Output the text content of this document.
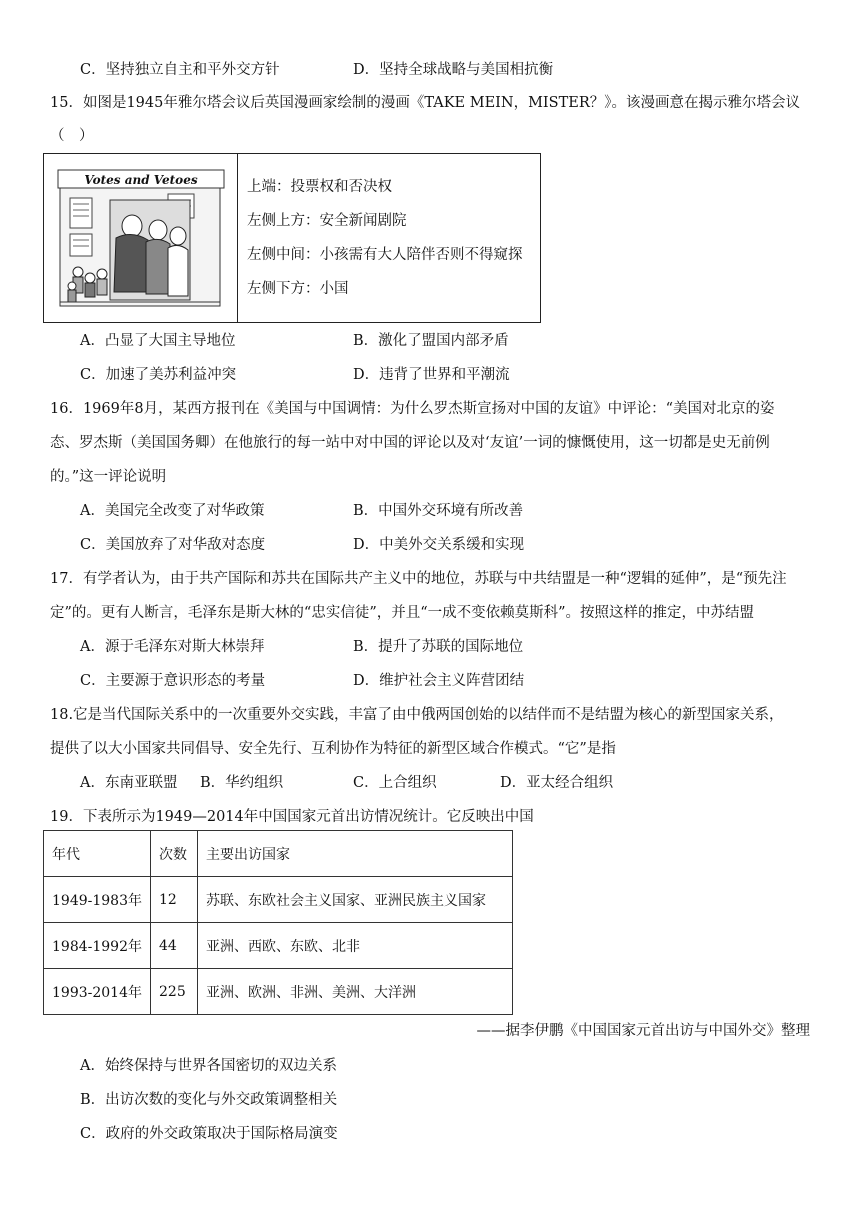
C．坚持独立自主和平外交方针	D．坚持全球战略与美国相抗衡
15．如图是1945年雅尔塔会议后英国漫画家绘制的漫画《TAKE MEIN，MISTER？》。该漫画意在揭示雅尔塔会议
（　）
Votes and Vetoes	上端：投票权和否决权
左侧上方：安全新闻剧院
左侧中间：小孩需有大人陪伴否则不得窥探
左侧下方：小国
A．凸显了大国主导地位	B．激化了盟国内部矛盾
C．加速了美苏利益冲突	D．违背了世界和平潮流
16．1969年8月，某西方报刊在《美国与中国调情：为什么罗杰斯宣扬对中国的友谊》中评论：“美国对北京的姿
态、罗杰斯（美国国务卿）在他旅行的每一站中对中国的评论以及对‘友谊’一词的慷慨使用，这一切都是史无前例
的。”这一评论说明
A．美国完全改变了对华政策	B．中国外交环境有所改善
C．美国放弃了对华敌对态度	D．中美外交关系缓和实现
17．有学者认为，由于共产国际和苏共在国际共产主义中的地位，苏联与中共结盟是一种“逻辑的延伸”，是“预先注
定”的。更有人断言，毛泽东是斯大林的“忠实信徒”，并且“一成不变依赖莫斯科”。按照这样的推定，中苏结盟
A．源于毛泽东对斯大林崇拜	B．提升了苏联的国际地位
C．主要源于意识形态的考量	D．维护社会主义阵营团结
18.它是当代国际关系中的一次重要外交实践，丰富了由中俄两国创始的以结伴而不是结盟为核心的新型国家关系，
提供了以大小国家共同倡导、安全先行、互利协作为特征的新型区域合作模式。“它”是指
A．东南亚联盟 B．华约组织	C．上合组织	D．亚太经合组织
19．下表所示为1949—2014年中国国家元首出访情况统计。它反映出中国
年代	次数	主要出访国家
1949-1983年	12	苏联、东欧社会主义国家、亚洲民族主义国家
1984-1992年	44	亚洲、西欧、东欧、北非
1993-2014年	225	亚洲、欧洲、非洲、美洲、大洋洲
——据李伊鹏《中国国家元首出访与中国外交》整理
A．始终保持与世界各国密切的双边关系
B．出访次数的变化与外交政策调整相关
C．政府的外交政策取决于国际格局演变
